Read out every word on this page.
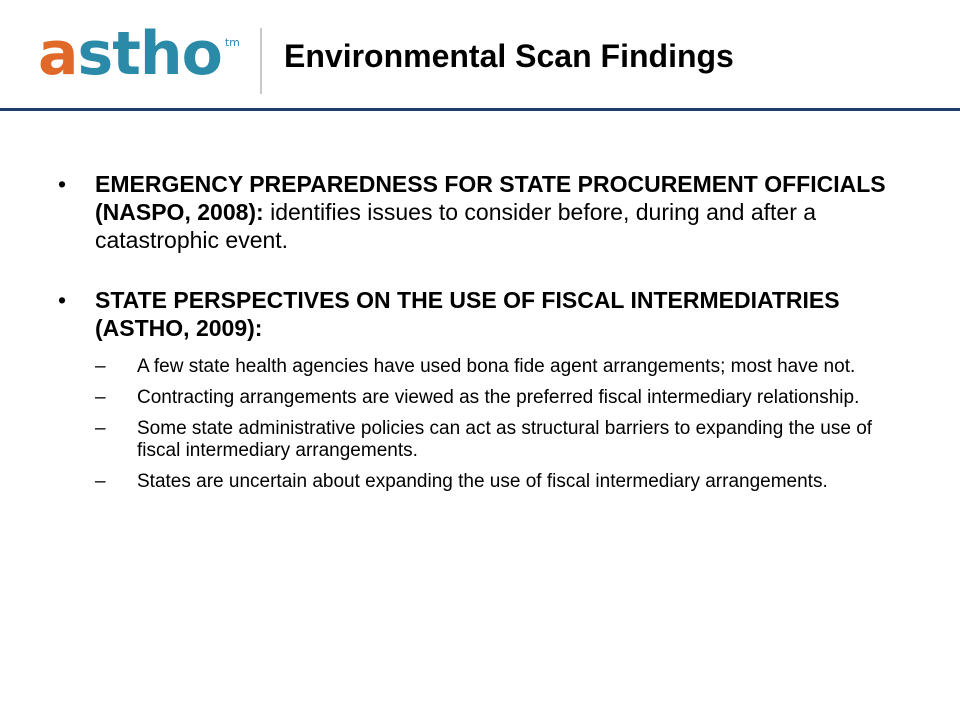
a stho tm Environmental Scan Findings
• EMERGENCY PREPAREDNESS FOR STATE PROCUREMENT OFFICIALS (NASPO, 2008): identifies issues to consider before, during and after a catastrophic event.
• STATE PERSPECTIVES ON THE USE OF FISCAL INTERMEDIATRIES (ASTHO, 2009):
– A few state health agencies have used bona fide agent arrangements; most have not.
– Contracting arrangements are viewed as the preferred fiscal intermediary relationship.
– Some state administrative policies can act as structural barriers to expanding the use of fiscal intermediary arrangements.
– States are uncertain about expanding the use of fiscal intermediary arrangements.
